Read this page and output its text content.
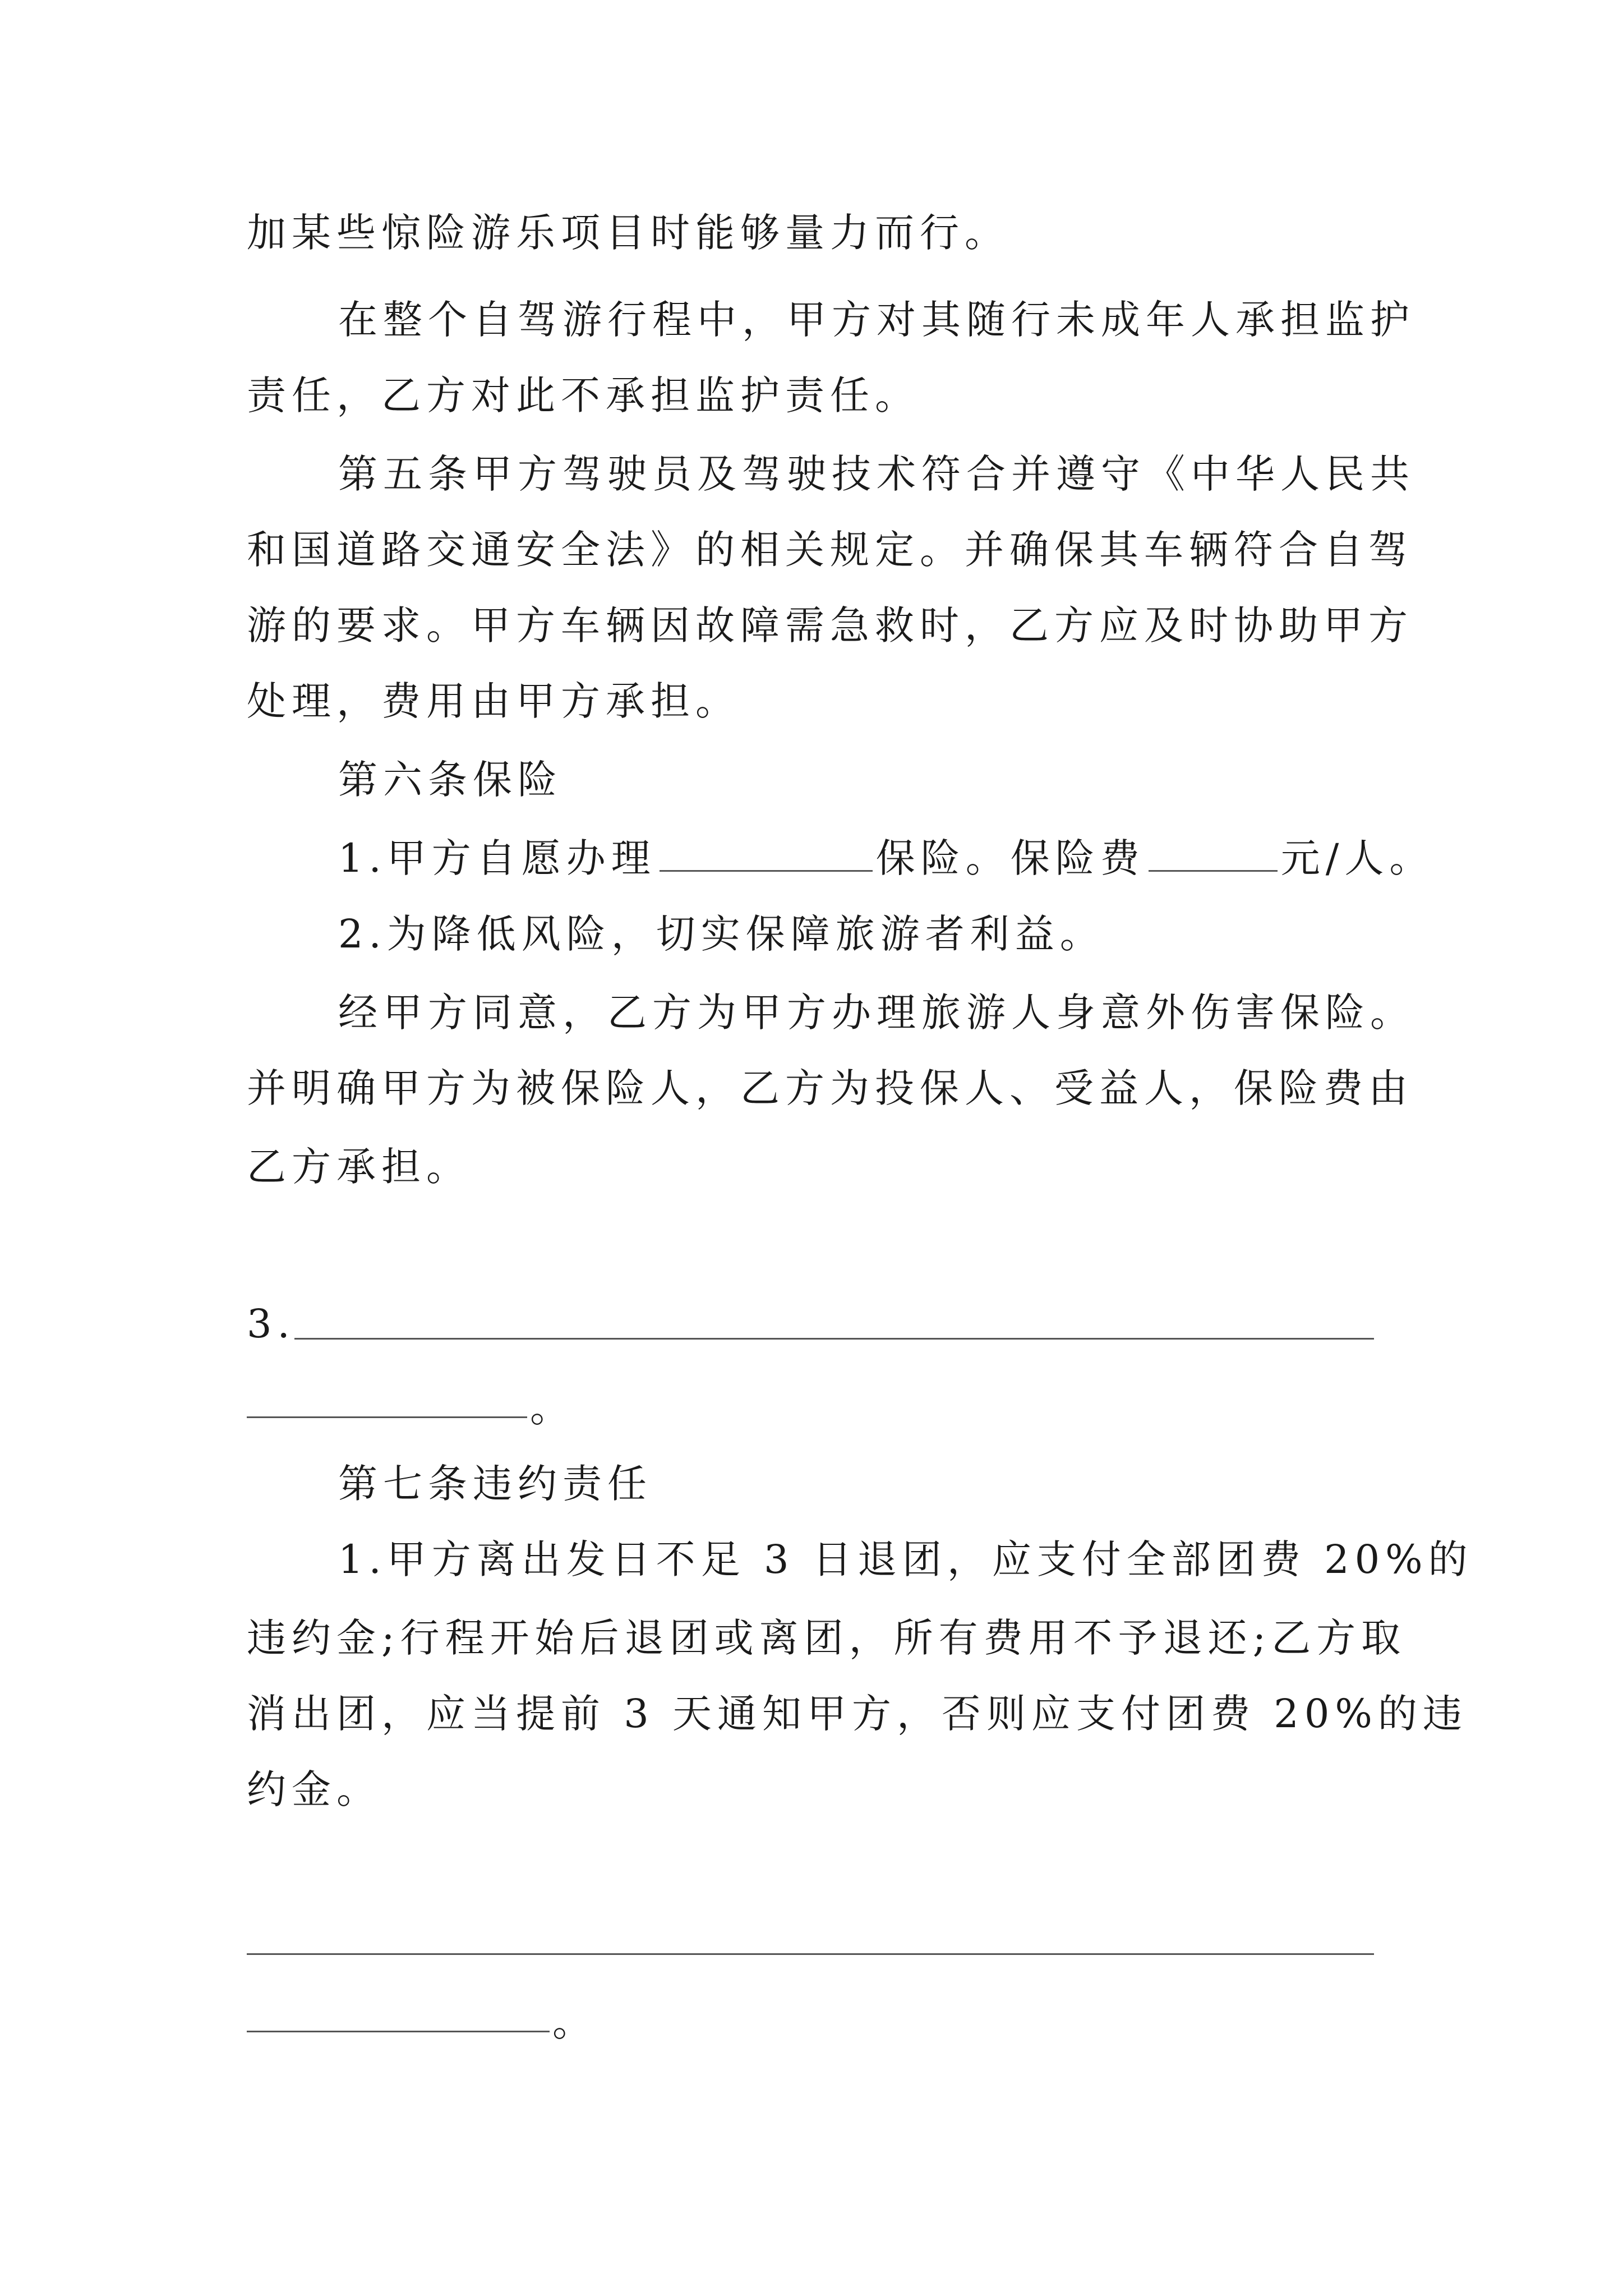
加某些惊险游乐项目时能够量力而行。

在整个自驾游行程中，甲方对其随行未成年人承担监护

责任，乙方对此不承担监护责任。

第五条甲方驾驶员及驾驶技术符合并遵守《中华人民共

和国道路交通安全法》的相关规定。并确保其车辆符合自驾

游的要求。甲方车辆因故障需急救时，乙方应及时协助甲方

处理，费用由甲方承担。

第六条保险

1.甲方自愿办理	保险。保险费	元/人。

2.为降低风险，切实保障旅游者利益。

经甲方同意，乙方为甲方办理旅游人身意外伤害保险。

并明确甲方为被保险人，乙方为投保人、受益人，保险费由

乙方承担。

3.

。

第七条违约责任

1.甲方离出发日不足 3 日退团，应支付全部团费 20%的

违约金;行程开始后退团或离团，所有费用不予退还;乙方取

消出团，应当提前 3 天通知甲方，否则应支付团费 20%的违

约金。

。
